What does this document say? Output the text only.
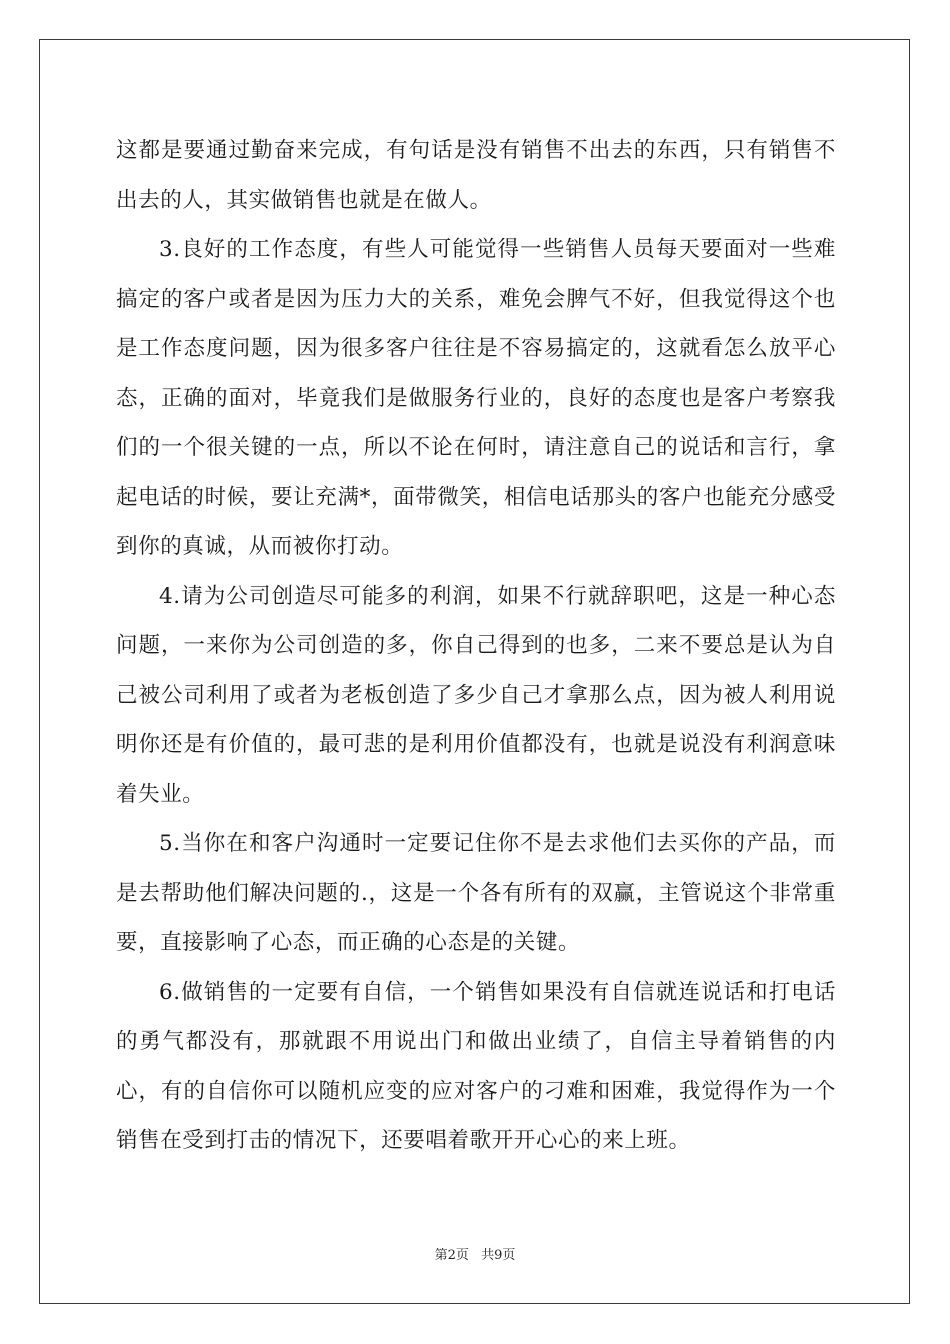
这都是要通过勤奋来完成，有句话是没有销售不出去的东西，只有销售不出去的人，其实做销售也就是在做人。

3.良好的工作态度，有些人可能觉得一些销售人员每天要面对一些难搞定的客户或者是因为压力大的关系，难免会脾气不好，但我觉得这个也是工作态度问题，因为很多客户往往是不容易搞定的，这就看怎么放平心态，正确的面对，毕竟我们是做服务行业的，良好的态度也是客户考察我们的一个很关键的一点，所以不论在何时，请注意自己的说话和言行，拿起电话的时候，要让充满*，面带微笑，相信电话那头的客户也能充分感受到你的真诚，从而被你打动。

4.请为公司创造尽可能多的利润，如果不行就辞职吧，这是一种心态问题，一来你为公司创造的多，你自己得到的也多，二来不要总是认为自己被公司利用了或者为老板创造了多少自己才拿那么点，因为被人利用说明你还是有价值的，最可悲的是利用价值都没有，也就是说没有利润意味着失业。

5.当你在和客户沟通时一定要记住你不是去求他们去买你的产品，而是去帮助他们解决问题的.，这是一个各有所有的双赢，主管说这个非常重要，直接影响了心态，而正确的心态是的关键。

6.做销售的一定要有自信，一个销售如果没有自信就连说话和打电话的勇气都没有，那就跟不用说出门和做出业绩了，自信主导着销售的内心，有的自信你可以随机应变的应对客户的刁难和困难，我觉得作为一个销售在受到打击的情况下，还要唱着歌开开心心的来上班。

第2页 共9页
